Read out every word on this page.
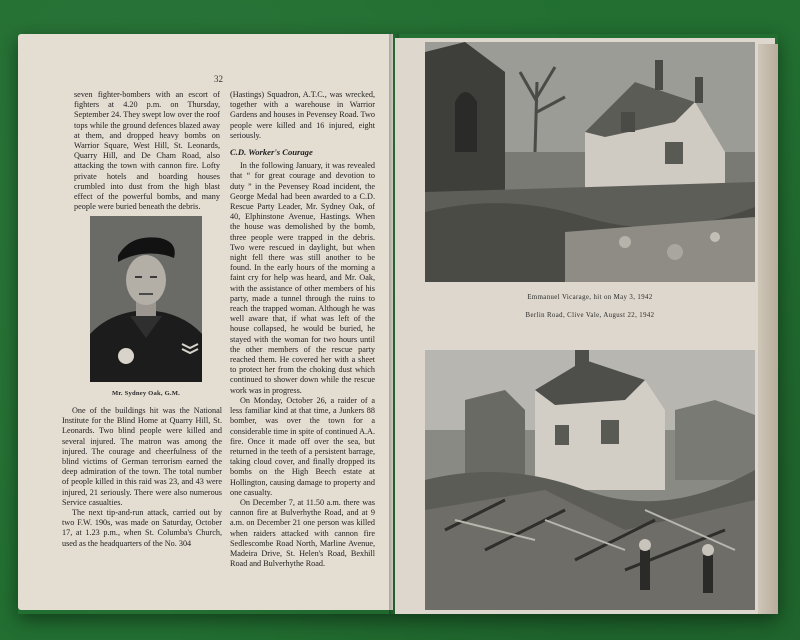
32

seven fighter-bombers with an escort of fighters at 4.20 p.m. on Thursday, September 24. They swept low over the roof tops while the ground defences blazed away at them, and dropped heavy bombs on Warrior Square, West Hill, St. Leonards, Quarry Hill, and De Cham Road, also attacking the town with cannon fire. Lofty private hotels and boarding houses crumbled into dust from the high blast effect of the powerful bombs, and many people were buried beneath the debris.

Mr. Sydney Oak, G.M.

One of the buildings hit was the National Institute for the Blind Home at Quarry Hill, St. Leonards. Two blind people were killed and several injured. The matron was among the injured. The courage and cheerfulness of the blind victims of German terrorism earned the deep admiration of the town. The total number of people killed in this raid was 23, and 43 were injured, 21 seriously. There were also numerous Service casualties.

The next tip-and-run attack, carried out by two F.W. 190s, was made on Saturday, October 17, at 1.23 p.m., when St. Columba's Church, used as the headquarters of the No. 304

(Hastings) Squadron, A.T.C., was wrecked, together with a warehouse in Warrior Gardens and houses in Pevensey Road. Two people were killed and 16 injured, eight seriously.

C.D. Worker's Courage

In the following January, it was revealed that “ for great courage and devotion to duty ” in the Pevensey Road incident, the George Medal had been awarded to a C.D. Rescue Party Leader, Mr. Sydney Oak, of 40, Elphinstone Avenue, Hastings. When the house was demolished by the bomb, three people were trapped in the debris. Two were rescued in daylight, but when night fell there was still another to be found. In the early hours of the morning a faint cry for help was heard, and Mr. Oak, with the assistance of other members of his party, made a tunnel through the ruins to reach the trapped woman. Although he was well aware that, if what was left of the house collapsed, he would be buried, he stayed with the woman for two hours until the other members of the rescue party reached them. He covered her with a sheet to protect her from the choking dust which continued to shower down while the rescue work was in progress.

On Monday, October 26, a raider of a less familiar kind at that time, a Junkers 88 bomber, was over the town for a considerable time in spite of continued A.A. fire. Once it made off over the sea, but returned in the teeth of a persistent barrage, taking cloud cover, and finally dropped its bombs on the High Beech estate at Hollington, causing damage to property and one casualty.

On December 7, at 11.50 a.m. there was cannon fire at Bulverhythe Road, and at 9 a.m. on December 21 one person was killed when raiders attacked with cannon fire Sedlescombe Road North, Marline Avenue, Madeira Drive, St. Helen's Road, Bexhill Road and Bulverhythe Road.

Emmanuel Vicarage, hit on May 3, 1942
Berlin Road, Clive Vale, August 22, 1942
